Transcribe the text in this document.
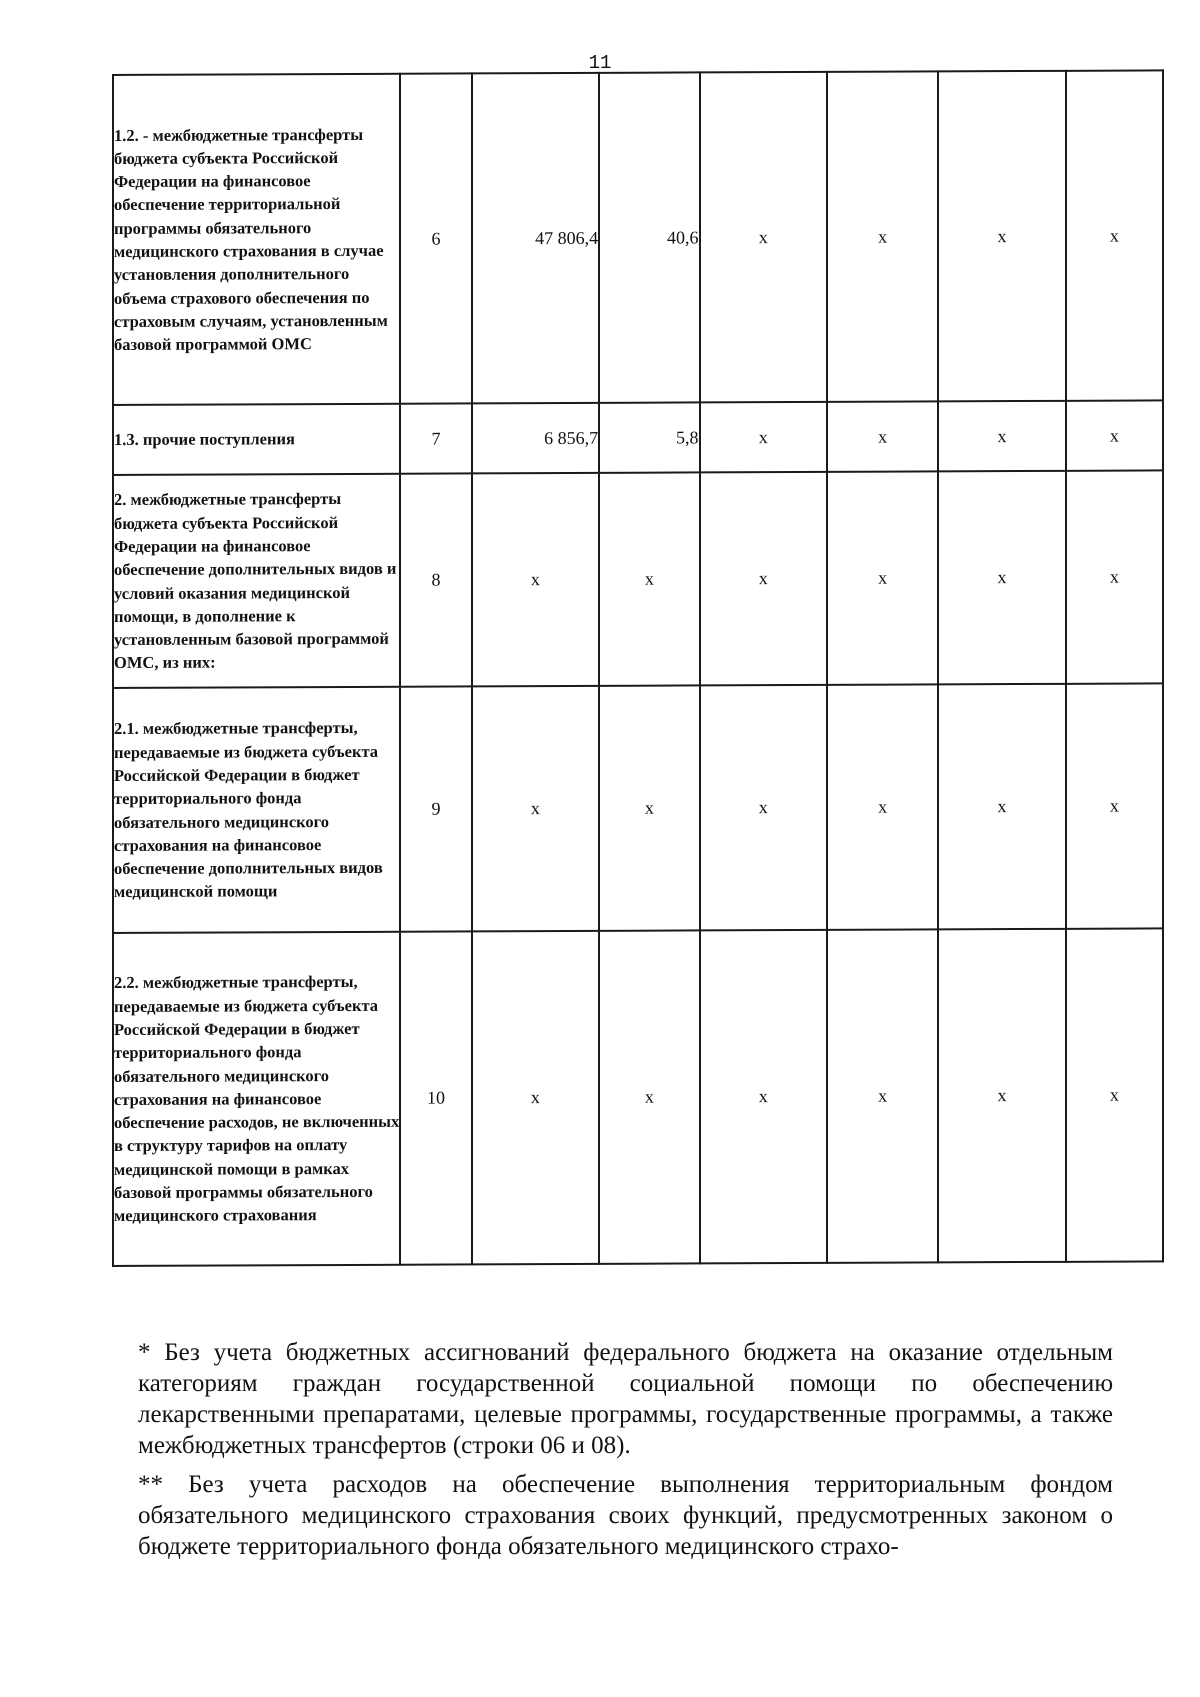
11
1.2. - межбюджетные трансферты бюджета субъекта Российской Федерации на финансовое обеспечение территориальной программы обязательного медицинского страхования в случае установления дополнительного объема страхового обеспечения по страховым случаям, установленным базовой программой ОМС	6	47 806,4	40,6	х	х	х	х
1.3. прочие поступления	7	6 856,7	5,8	х	х	х	х
2. межбюджетные трансферты бюджета субъекта Российской Федерации на финансовое обеспечение дополнительных видов и условий оказания медицинской помощи, в дополнение к установленным базовой программой ОМС, из них:	8	х	х	х	х	х	х
2.1. межбюджетные трансферты, передаваемые из бюджета субъекта Российской Федерации в бюджет территориального фонда обязательного медицинского страхования на финансовое обеспечение дополнительных видов медицинской помощи	9	х	х	х	х	х	х
2.2. межбюджетные трансферты, передаваемые из бюджета субъекта Российской Федерации в бюджет территориального фонда обязательного медицинского страхования на финансовое обеспечение расходов, не включенных в структуру тарифов на оплату медицинской помощи в рамках базовой программы обязательного медицинского страхования	10	х	х	х	х	х	х
* Без учета бюджетных ассигнований федерального бюджета на оказание отдельным категориям граждан государственной социальной помощи по обеспечению лекарственными препаратами, целевые программы, государственные программы, а также межбюджетных трансфертов (строки 06 и 08).
** Без учета расходов на обеспечение выполнения территориальным фондом обязательного медицинского страхования своих функций, предусмотренных законом о бюджете территориального фонда обязательного медицинского страхо-
